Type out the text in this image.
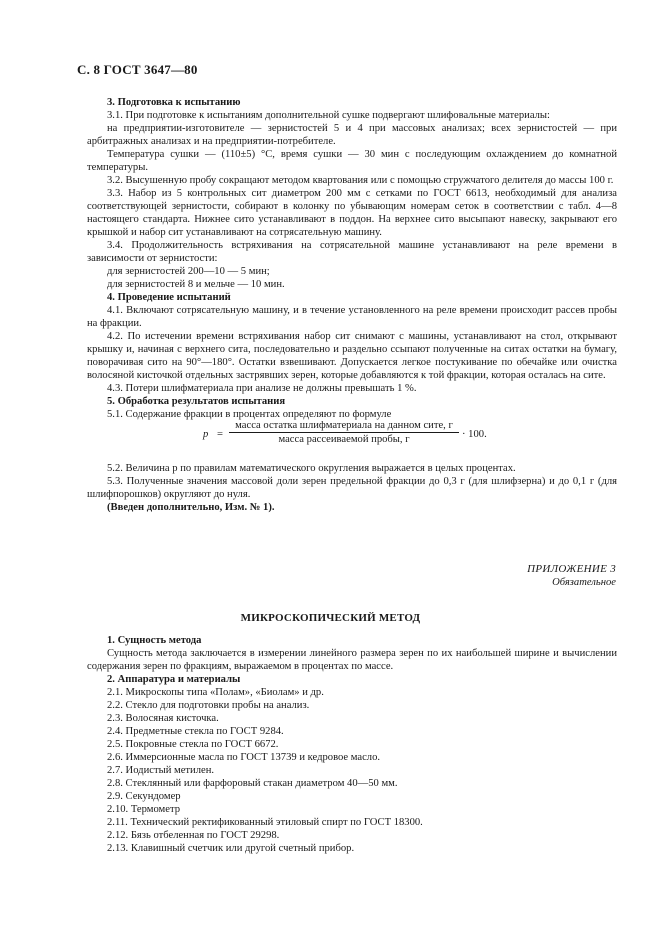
С. 8 ГОСТ 3647—80

3. Подготовка к испытанию

3.1. При подготовке к испытаниям дополнительной сушке подвергают шлифовальные материалы:

на предприятии-изготовителе — зернистостей 5 и 4 при массовых анализах; всех зернистостей — при арбитражных анализах и на предприятии-потребителе.

Температура сушки — (110±5) °С, время сушки — 30 мин с последующим охлаждением до комнатной температуры.

3.2. Высушенную пробу сокращают методом квартования или с помощью стружчатого делителя до массы 100 г.

3.3. Набор из 5 контрольных сит диаметром 200 мм с сетками по ГОСТ 6613, необходимый для анализа соответствующей зернистости, собирают в колонку по убывающим номерам сеток в соответствии с табл. 4—8 настоящего стандарта. Нижнее сито устанавливают в поддон. На верхнее сито высыпают навеску, закрывают его крышкой и набор сит устанавливают на сотрясательную машину.

3.4. Продолжительность встряхивания на сотрясательной машине устанавливают на реле времени в зависимости от зернистости:

для зернистостей 200—10 — 5 мин;

для зернистостей 8 и мельче — 10 мин.

4. Проведение испытаний

4.1. Включают сотрясательную машину, и в течение установленного на реле времени происходит рассев пробы на фракции.

4.2. По истечении времени встряхивания набор сит снимают с машины, устанавливают на стол, открывают крышку и, начиная с верхнего сита, последовательно и раздельно ссыпают полученные на ситах остатки на бумагу, поворачивая сито на 90°—180°. Остатки взвешивают. Допускается легкое постукивание по обечайке или очистка волосяной кисточкой отдельных застрявших зерен, которые добавляются к той фракции, которая осталась на сите.

4.3. Потери шлифматериала при анализе не должны превышать 1 %.

5. Обработка результатов испытания

5.1. Содержание фракции в процентах определяют по формуле

p =
масса остатка шлифматериала на данном сите, г
масса рассеиваемой пробы, г	· 100.

5.2. Величина p по правилам математического округления выражается в целых процентах.

5.3. Полученные значения массовой доли зерен предельной фракции до 0,3 г (для шлифзерна) и до 0,1 г (для шлифпорошков) округляют до нуля.

(Введен дополнительно, Изм. № 1).

ПРИЛОЖЕНИЕ 3
Обязательное
МИКРОСКОПИЧЕСКИЙ МЕТОД

1. Сущность метода

Сущность метода заключается в измерении линейного размера зерен по их наибольшей ширине и вычислении содержания зерен по фракциям, выражаемом в процентах по массе.

2. Аппаратура и материалы

2.1. Микроскопы типа «Полам», «Биолам» и др.

2.2. Стекло для подготовки пробы на анализ.

2.3. Волосяная кисточка.

2.4. Предметные стекла по ГОСТ 9284.

2.5. Покровные стекла по ГОСТ 6672.

2.6. Иммерсионные масла по ГОСТ 13739 и кедровое масло.

2.7. Иодистый метилен.

2.8. Стеклянный или фарфоровый стакан диаметром 40—50 мм.

2.9. Секундомер

2.10. Термометр

2.11. Технический ректификованный этиловый спирт по ГОСТ 18300.

2.12. Бязь отбеленная по ГОСТ 29298.

2.13. Клавишный счетчик или другой счетный прибор.
